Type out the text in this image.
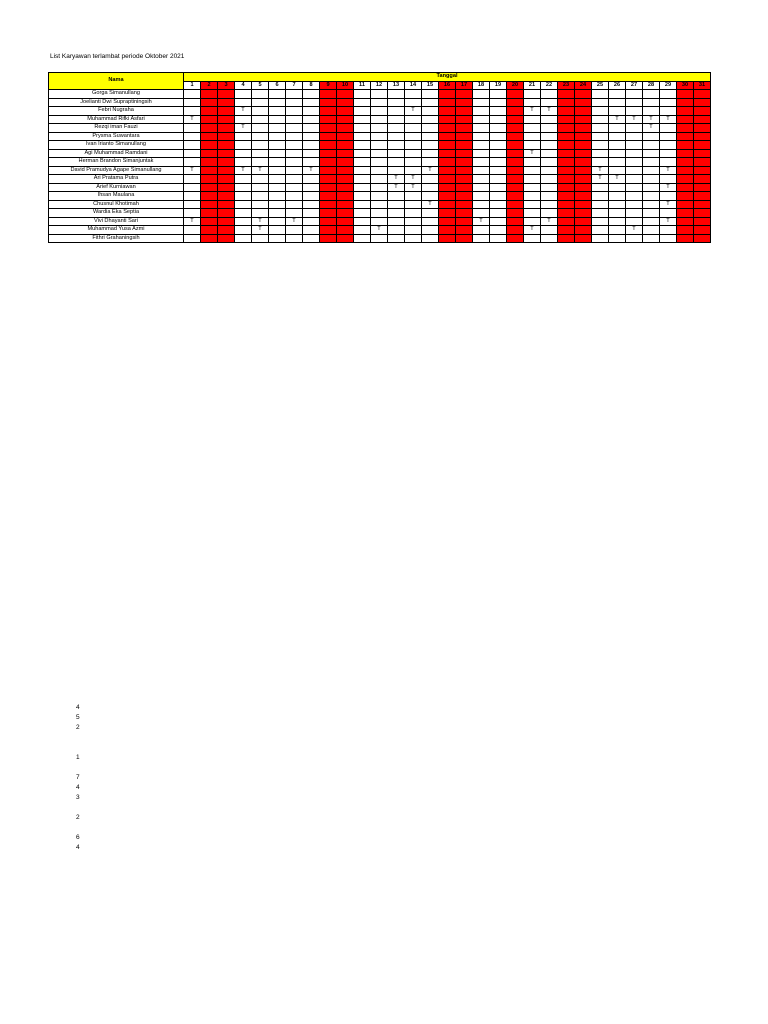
List Karyawan terlambat periode Oktober 2021
Nama	Tanggal																														
	1	2	3	4	5	6	7	8	9	10	11	12	13	14	15	16	17	18	19	20	21	22	23	24	25	26	27	28	29	30	31
Gorga Simanullang																															
Joelianti Dwi Supraptiningsih																															
Febri Nugraha				T										T							T	T									
Muhammad Rifki Asfari	T																									T	T	T	T		
Rezqi iman Fauzi				T																								T			
Prysma Suwantara																															
Ivan Irianto Simanullang																															
Agi Muhammad Ramdani																					T										
Herman Brandon Simanjuntak																															
David Pramudya Agape Simanullang	T			T	T			T							T										T				T		
Ari Pratama Putra													T	T											T	T					
Arief Kurniawan													T	T															T		
Ihsan Maulana																															
Chusnul Khotimah															T														T		
Wardia Eka Septia																															
Vivi Dhayanti Sari	T				T		T											T				T							T		
Muhammad Yusa Azmi					T							T									T						T				
Fithri Grahaningsih																															
4
5
2
1
7
4
3
2
6
4
